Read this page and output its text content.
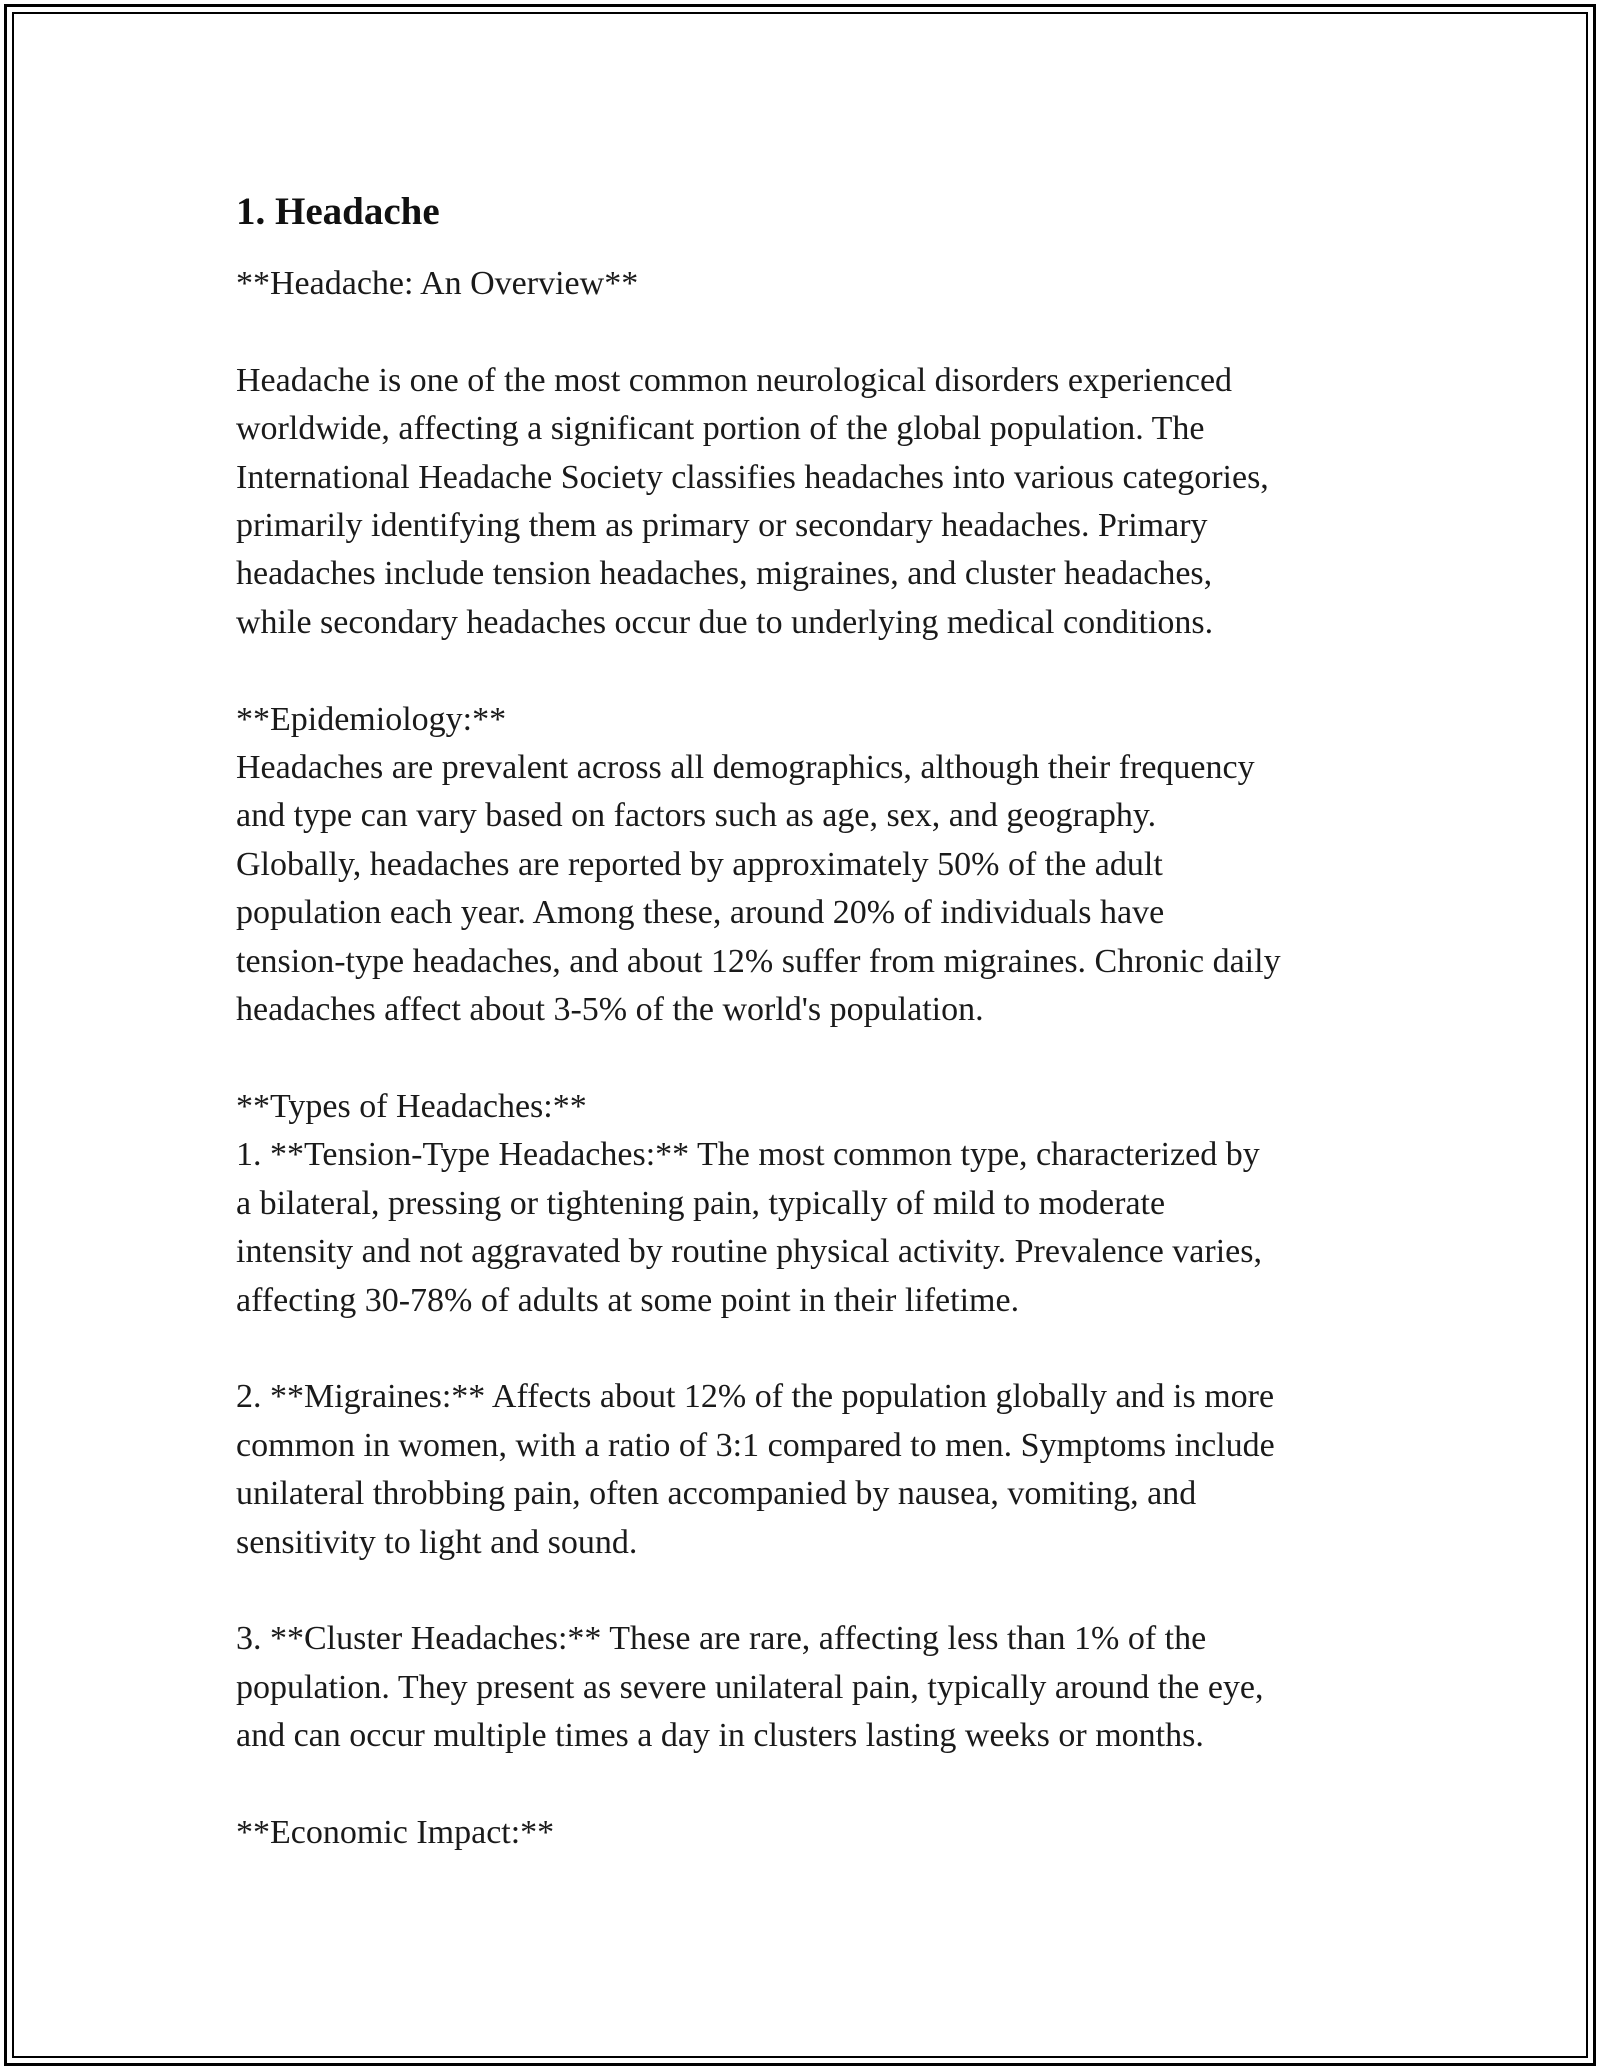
1. Headache

**Headache: An Overview**

Headache is one of the most common neurological disorders experienced
worldwide, affecting a significant portion of the global population. The
International Headache Society classifies headaches into various categories,
primarily identifying them as primary or secondary headaches. Primary
headaches include tension headaches, migraines, and cluster headaches,
while secondary headaches occur due to underlying medical conditions.

**Epidemiology:**
Headaches are prevalent across all demographics, although their frequency
and type can vary based on factors such as age, sex, and geography.
Globally, headaches are reported by approximately 50% of the adult
population each year. Among these, around 20% of individuals have
tension-type headaches, and about 12% suffer from migraines. Chronic daily
headaches affect about 3-5% of the world's population.

**Types of Headaches:**
1. **Tension-Type Headaches:** The most common type, characterized by
a bilateral, pressing or tightening pain, typically of mild to moderate
intensity and not aggravated by routine physical activity. Prevalence varies,
affecting 30-78% of adults at some point in their lifetime.

2. **Migraines:** Affects about 12% of the population globally and is more
common in women, with a ratio of 3:1 compared to men. Symptoms include
unilateral throbbing pain, often accompanied by nausea, vomiting, and
sensitivity to light and sound.

3. **Cluster Headaches:** These are rare, affecting less than 1% of the
population. They present as severe unilateral pain, typically around the eye,
and can occur multiple times a day in clusters lasting weeks or months.

**Economic Impact:**
